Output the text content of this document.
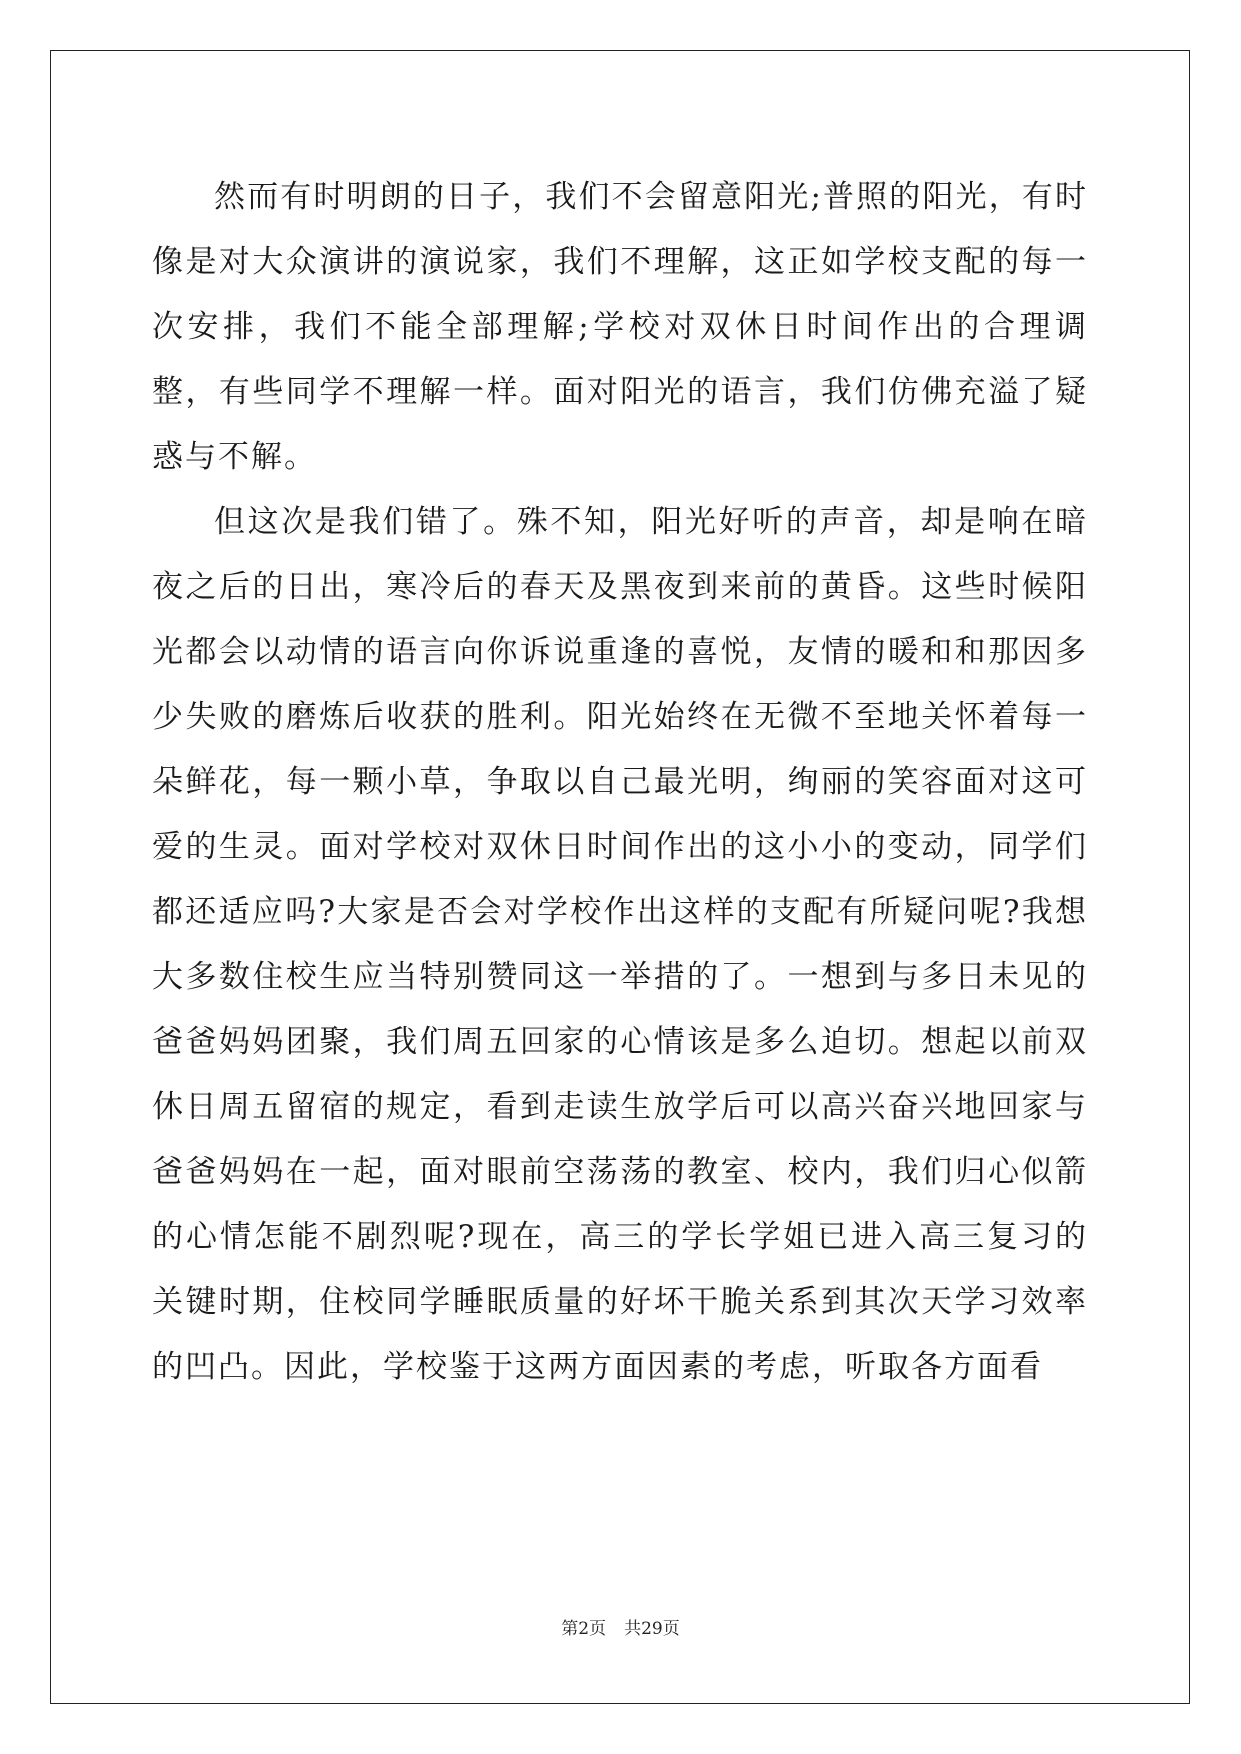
然而有时明朗的日子，我们不会留意阳光;普照的阳光，有时像是对大众演讲的演说家，我们不理解，这正如学校支配的每一次安排，我们不能全部理解;学校对双休日时间作出的合理调整，有些同学不理解一样。面对阳光的语言，我们仿佛充溢了疑惑与不解。

但这次是我们错了。殊不知，阳光好听的声音，却是响在暗夜之后的日出，寒冷后的春天及黑夜到来前的黄昏。这些时候阳光都会以动情的语言向你诉说重逢的喜悦，友情的暖和和那因多少失败的磨炼后收获的胜利。阳光始终在无微不至地关怀着每一朵鲜花，每一颗小草，争取以自己最光明，绚丽的笑容面对这可爱的生灵。面对学校对双休日时间作出的这小小的变动，同学们都还适应吗?大家是否会对学校作出这样的支配有所疑问呢?我想大多数住校生应当特别赞同这一举措的了。一想到与多日未见的爸爸妈妈团聚，我们周五回家的心情该是多么迫切。想起以前双休日周五留宿的规定，看到走读生放学后可以高兴奋兴地回家与爸爸妈妈在一起，面对眼前空荡荡的教室、校内，我们归心似箭的心情怎能不剧烈呢?现在，高三的学长学姐已进入高三复习的关键时期，住校同学睡眠质量的好坏干脆关系到其次天学习效率的凹凸。因此，学校鉴于这两方面因素的考虑，听取各方面看

第2页 共29页
